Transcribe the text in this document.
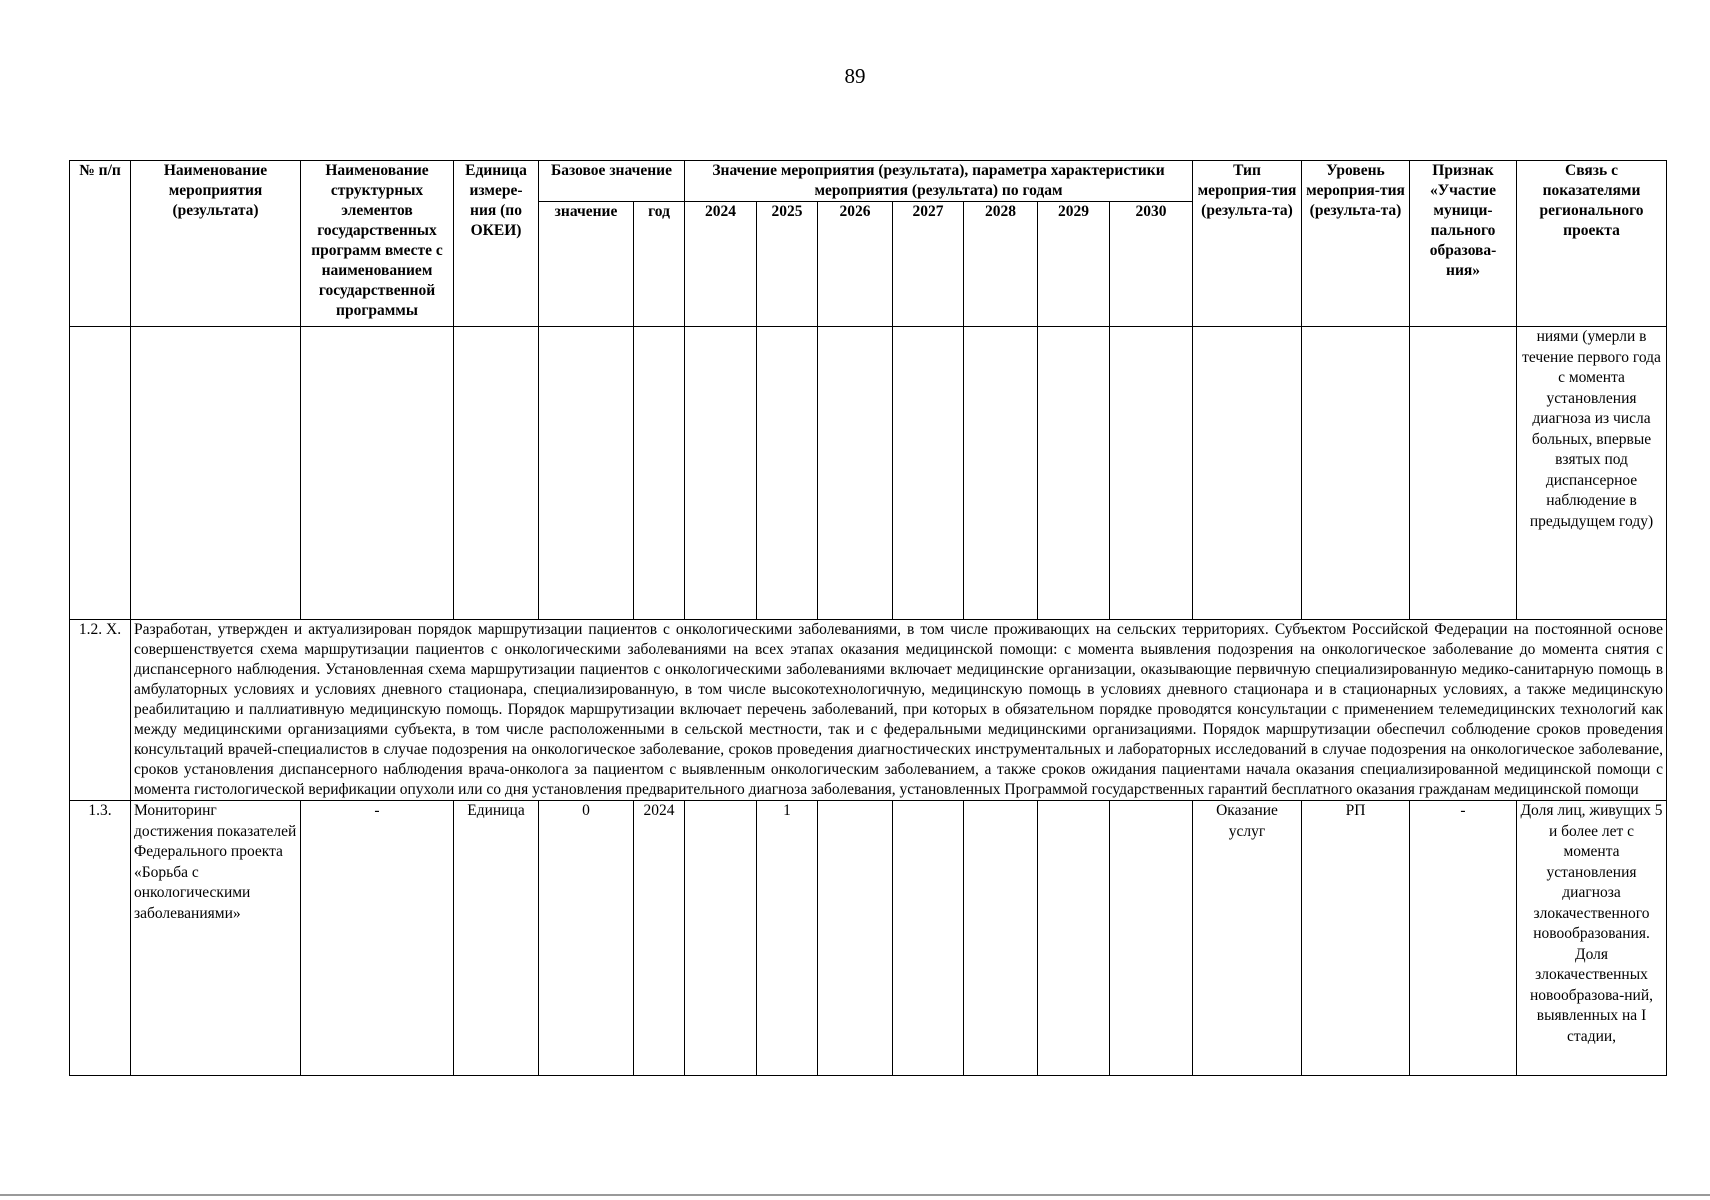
89
№ п/п	Наименование мероприятия (результата)	Наименование структурных элементов государственных программ вместе с наименованием государственной программы	Единица измере-ния (по ОКЕИ)	Базовое значение		Значение мероприятия (результата), параметра характеристики мероприятия (результата) по годам							Тип мероприя-тия (результа-та)	Уровень мероприя-тия (результа-та)	Признак «Участие муници-пального образова-ния»	Связь с показателями регионального проекта
				значение	год	2024	2025	2026	2027	2028	2029	2030				
																ниями (умерли в течение первого года с момента установления диагноза из числа больных, впервые взятых под диспансерное наблюдение в предыдущем году)
1.2. X.	Разработан, утвержден и актуализирован порядок маршрутизации пациентов с онкологическими заболеваниями, в том числе проживающих на сельских территориях. Субъектом Российской Федерации на постоянной основе совершенствуется схема маршрутизации пациентов с онкологическими заболеваниями на всех этапах оказания медицинской помощи: с момента выявления подозрения на онкологическое заболевание до момента снятия с диспансерного наблюдения. Установленная схема маршрутизации пациентов с онкологическими заболеваниями включает медицинские организации, оказывающие первичную специализированную медико-санитарную помощь в амбулаторных условиях и условиях дневного стационара, специализированную, в том числе высокотехнологичную, медицинскую помощь в условиях дневного стационара и в стационарных условиях, а также медицинскую реабилитацию и паллиативную медицинскую помощь. Порядок маршрутизации включает перечень заболеваний, при которых в обязательном порядке проводятся консультации с применением телемедицинских технологий как между медицинскими организациями субъекта, в том числе расположенными в сельской местности, так и с федеральными медицинскими организациями. Порядок маршрутизации обеспечил соблюдение сроков проведения консультаций врачей-специалистов в случае подозрения на онкологическое заболевание, сроков проведения диагностических инструментальных и лабораторных исследований в случае подозрения на онкологическое заболевание, сроков установления диспансерного наблюдения врача-онколога за пациентом с выявленным онкологическим заболеванием, а также сроков ожидания пациентами начала оказания специализированной медицинской помощи с момента гистологической верификации опухоли или со дня установления предварительного диагноза заболевания, установленных Программой государственных гарантий бесплатного оказания гражданам медицинской помощи															
1.3.	Мониторинг достижения показателей Федерального проекта «Борьба с онкологическими заболеваниями»	-	Единица	0	2024		1						Оказание услуг	РП	-	Доля лиц, живущих 5 и более лет с момента установления диагноза злокачественного новообразования. Доля злокачественных новообразова-ний, выявленных на I стадии,
